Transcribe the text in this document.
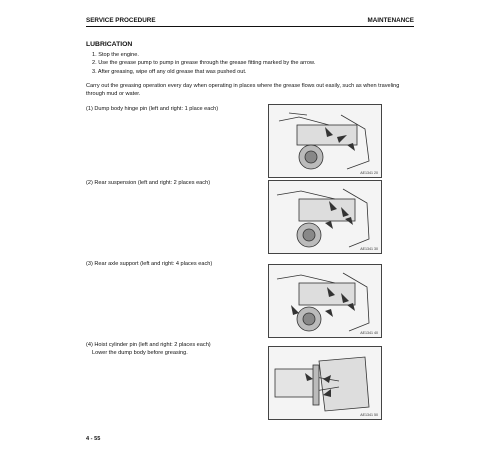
SERVICE PROCEDURE	MAINTENANCE
LUBRICATION
1. Stop the engine.
2. Use the grease pump to pump in grease through the grease fitting marked by the arrow.
3. After greasing, wipe off any old grease that was pushed out.
Carry out the greasing operation every day when operating in places where the grease flows out easily, such as when traveling through mud or water.
(1) Dump body hinge pin (left and right: 1 place each)
AE1341 20
(2) Rear suspension (left and right: 2 places each)
AE1341 30
(3) Rear axle support (left and right: 4 places each)
AE1341 40
(4) Hoist cylinder pin (left and right: 2 places each)
Lower the dump body before greasing.
AE1341 50
4 - 55
